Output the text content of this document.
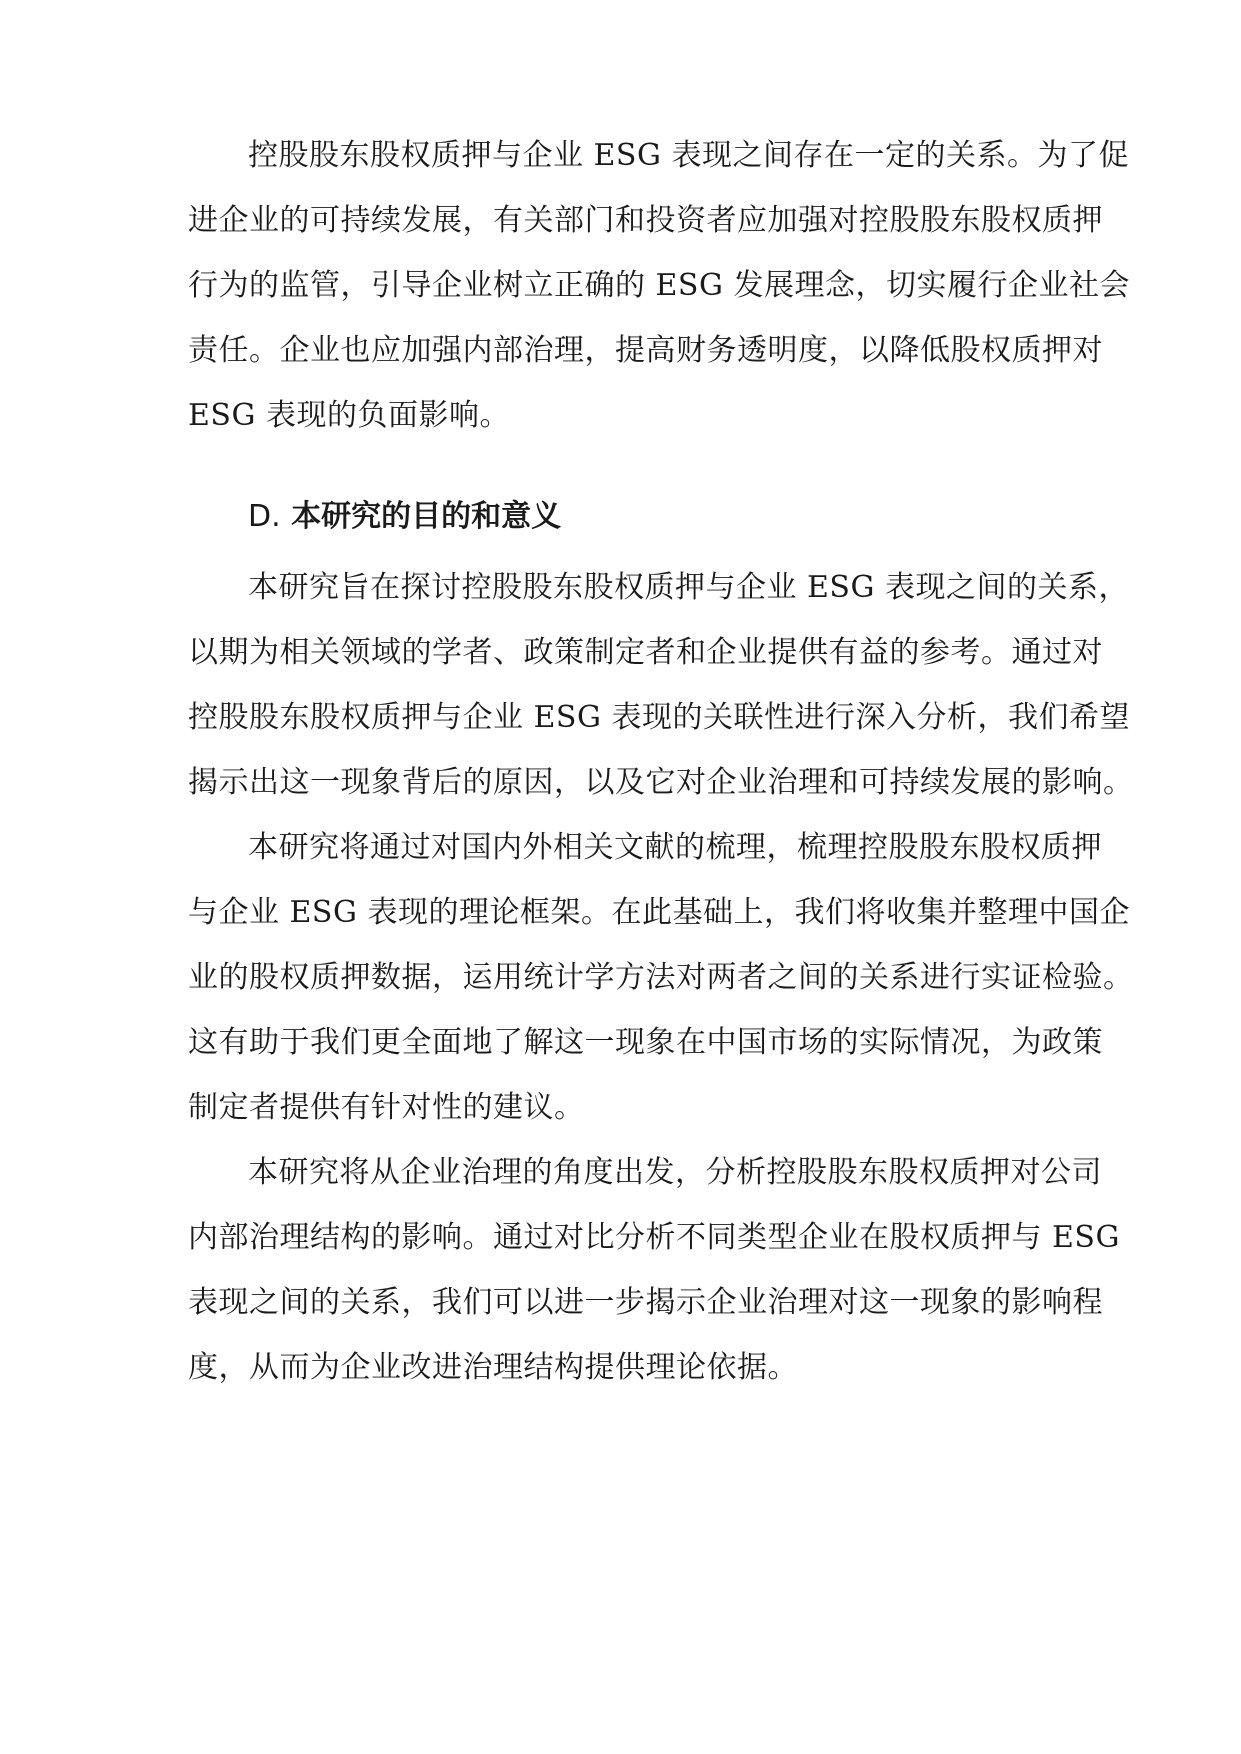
控股股东股权质押与企业 ESG 表现之间存在一定的关系。为了促
进企业的可持续发展，有关部门和投资者应加强对控股股东股权质押
行为的监管，引导企业树立正确的 ESG 发展理念，切实履行企业社会
责任。企业也应加强内部治理，提高财务透明度，以降低股权质押对
ESG 表现的负面影响。
D. 本研究的目的和意义
本研究旨在探讨控股股东股权质押与企业 ESG 表现之间的关系，
以期为相关领域的学者、政策制定者和企业提供有益的参考。通过对
控股股东股权质押与企业 ESG 表现的关联性进行深入分析，我们希望
揭示出这一现象背后的原因，以及它对企业治理和可持续发展的影响。
本研究将通过对国内外相关文献的梳理，梳理控股股东股权质押
与企业 ESG 表现的理论框架。在此基础上，我们将收集并整理中国企
业的股权质押数据，运用统计学方法对两者之间的关系进行实证检验。
这有助于我们更全面地了解这一现象在中国市场的实际情况，为政策
制定者提供有针对性的建议。
本研究将从企业治理的角度出发，分析控股股东股权质押对公司
内部治理结构的影响。通过对比分析不同类型企业在股权质押与 ESG
表现之间的关系，我们可以进一步揭示企业治理对这一现象的影响程
度，从而为企业改进治理结构提供理论依据。
